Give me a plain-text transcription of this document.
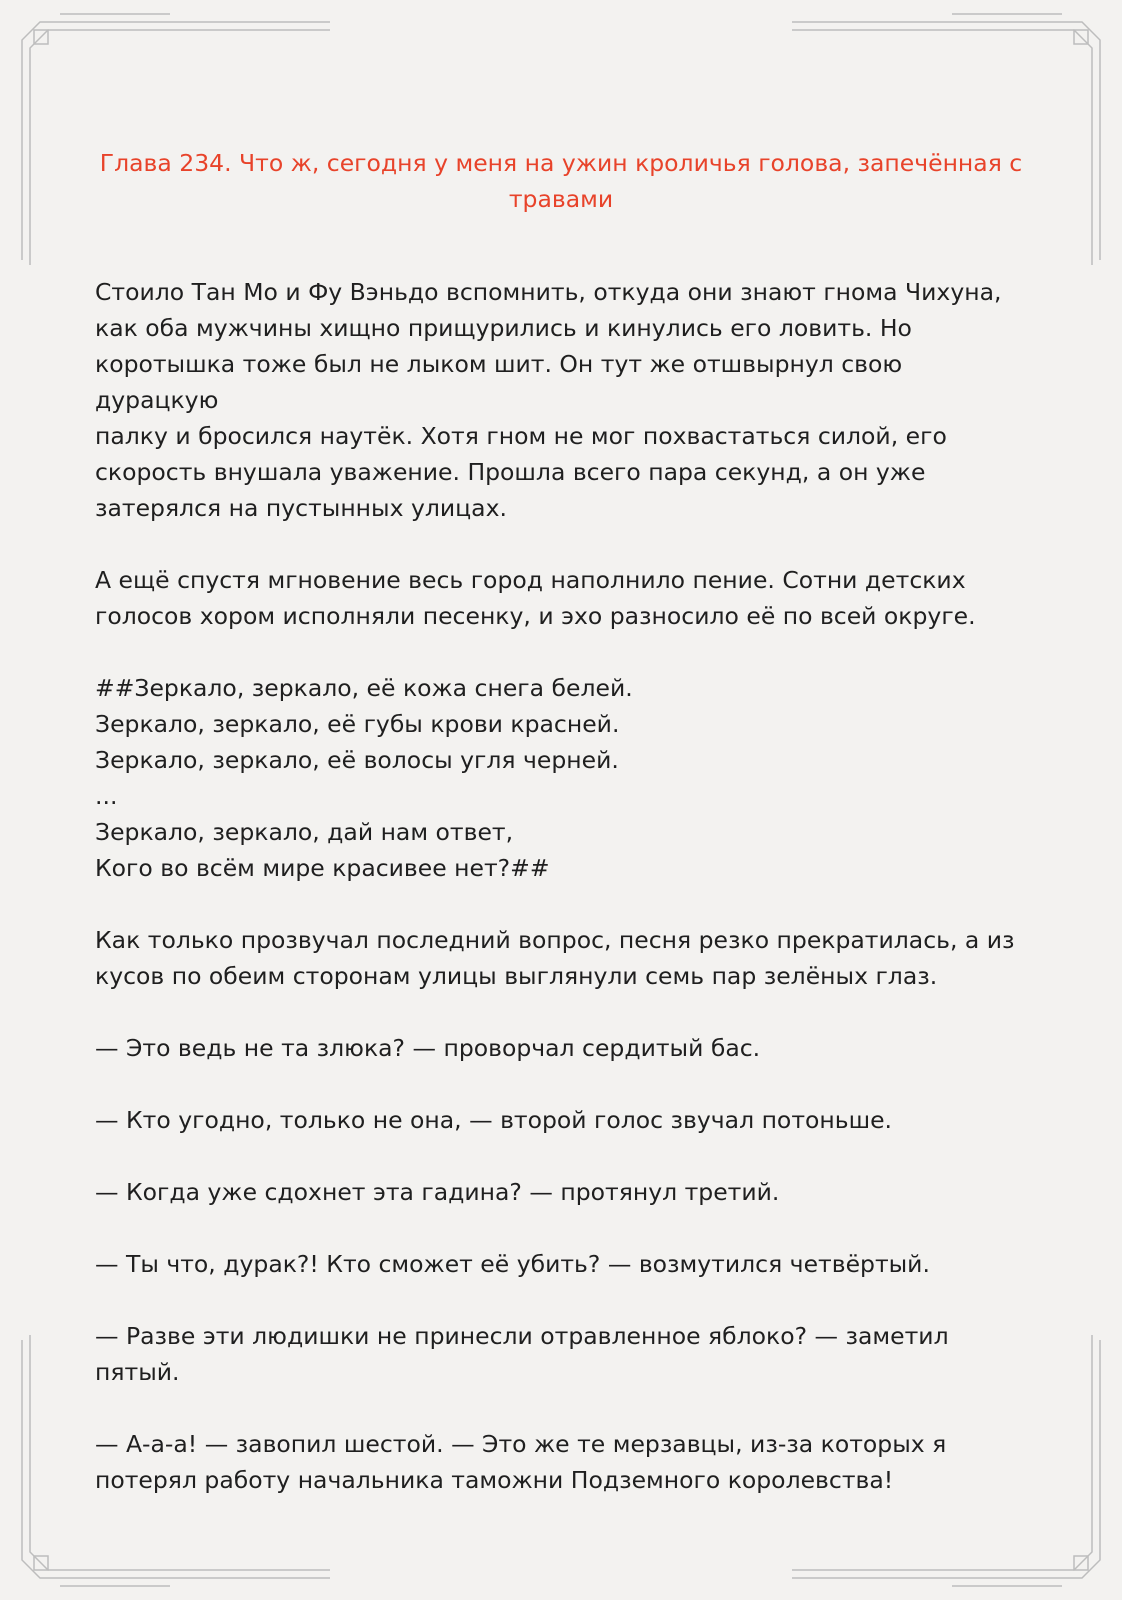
Глава 234. Что ж, сегодня у меня на ужин кроличья голова, запечённая с
травами

Стоило Тан Мо и Фу Вэньдо вспомнить, откуда они знают гнома Чихуна,
как оба мужчины хищно прищурились и кинулись его ловить. Но
коротышка тоже был не лыком шит. Он тут же отшвырнул свою дурацкую
палку и бросился наутёк. Хотя гном не мог похвастаться силой, его
скорость внушала уважение. Прошла всего пара секунд, а он уже
затерялся на пустынных улицах.

А ещё спустя мгновение весь город наполнило пение. Сотни детских
голосов хором исполняли песенку, и эхо разносило её по всей округе.

##Зеркало, зеркало, её кожа снега белей.
Зеркало, зеркало, её губы крови красней.
Зеркало, зеркало, её волосы угля черней.
...
Зеркало, зеркало, дай нам ответ,
Кого во всём мире красивее нет?##

Как только прозвучал последний вопрос, песня резко прекратилась, а из
кусов по обеим сторонам улицы выглянули семь пар зелёных глаз.

— Это ведь не та злюка? — проворчал сердитый бас.

— Кто угодно, только не она, — второй голос звучал потоньше.

— Когда уже сдохнет эта гадина? — протянул третий.

— Ты что, дурак?! Кто сможет её убить? — возмутился четвёртый.

— Разве эти людишки не принесли отравленное яблоко? — заметил
пятый.

— А-а-а! — завопил шестой. — Это же те мерзавцы, из-за которых я
потерял работу начальника таможни Подземного королевства!
